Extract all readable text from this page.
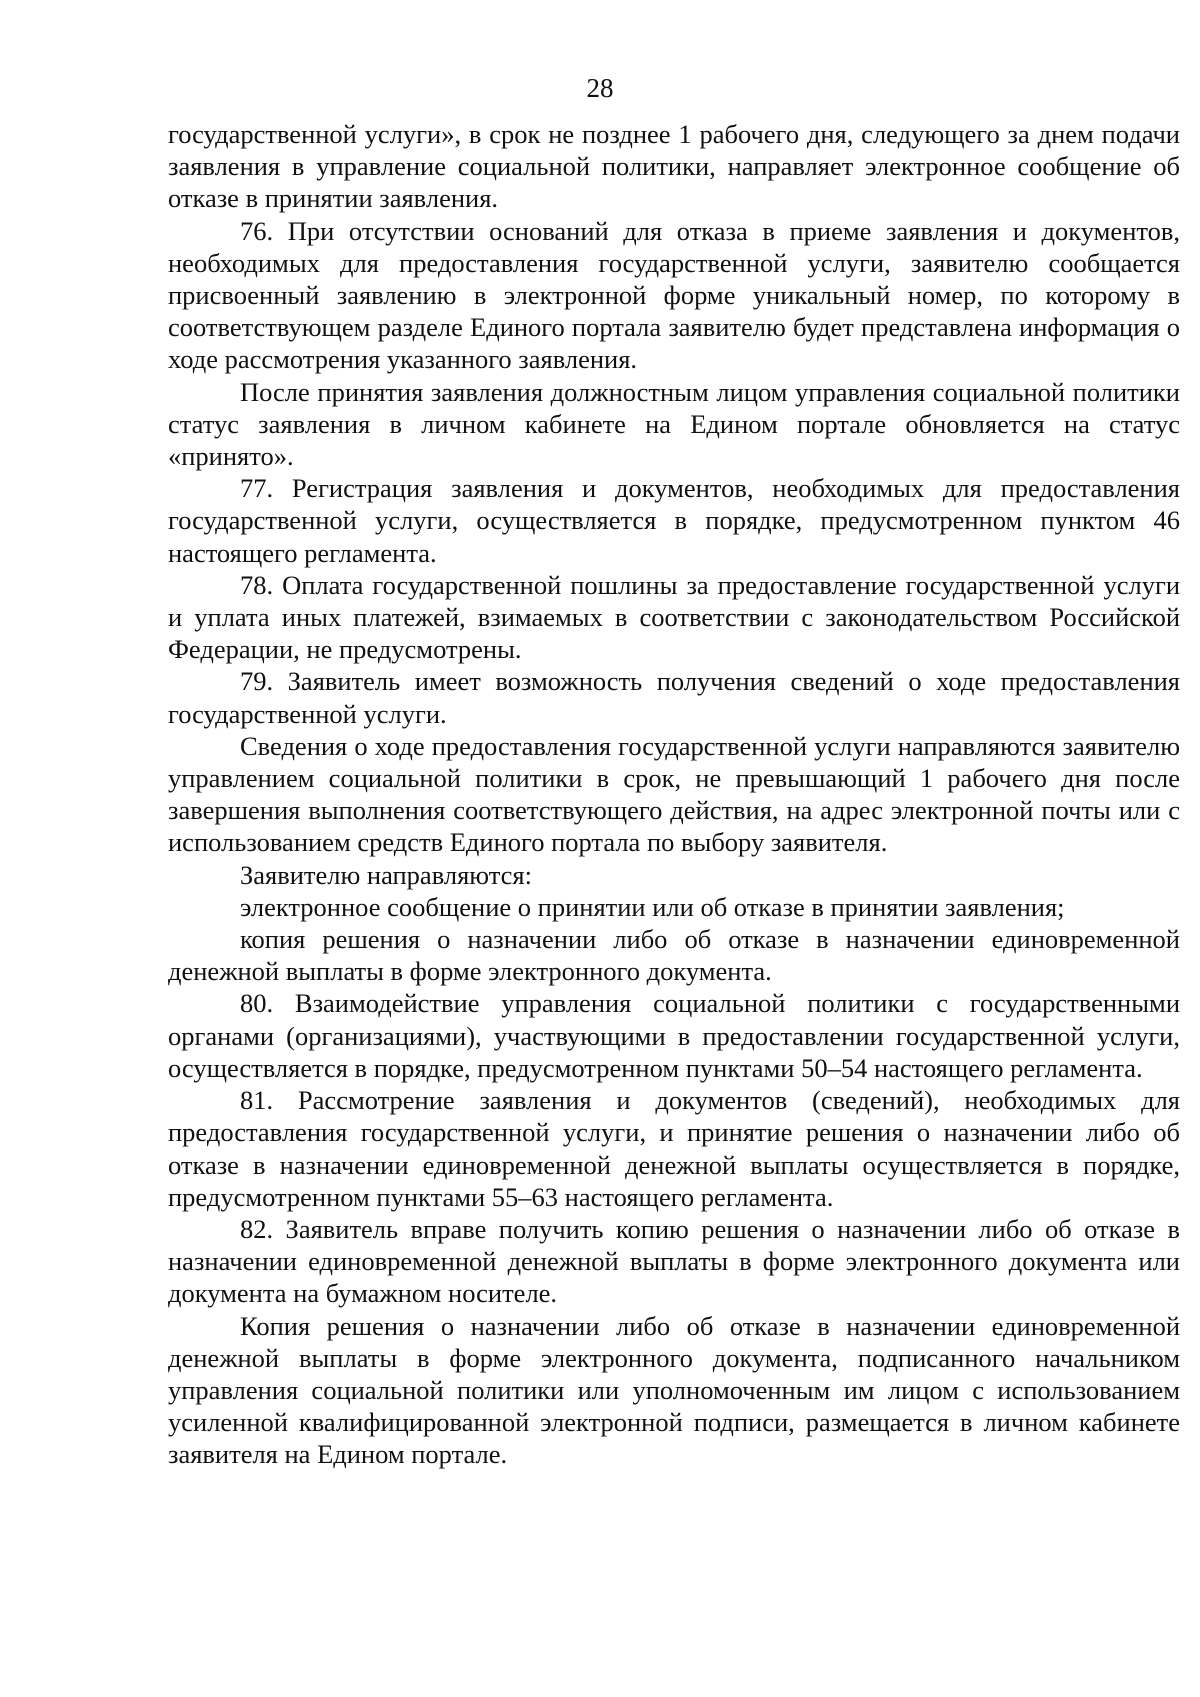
28

государственной услуги», в срок не позднее 1 рабочего дня, следующего за днем подачи заявления в управление социальной политики, направляет электронное сообщение об отказе в принятии заявления.

76. При отсутствии оснований для отказа в приеме заявления и документов, необходимых для предоставления государственной услуги, заявителю сообщается присвоенный заявлению в электронной форме уникальный номер, по которому в соответствующем разделе Единого портала заявителю будет представлена информация о ходе рассмотрения указанного заявления.

После принятия заявления должностным лицом управления социальной политики статус заявления в личном кабинете на Едином портале обновляется на статус «принято».

77. Регистрация заявления и документов, необходимых для предоставления государственной услуги, осуществляется в порядке, предусмотренном пунктом 46 настоящего регламента.

78. Оплата государственной пошлины за предоставление государственной услуги и уплата иных платежей, взимаемых в соответствии с законодательством Российской Федерации, не предусмотрены.

79. Заявитель имеет возможность получения сведений о ходе предоставления государственной услуги.

Сведения о ходе предоставления государственной услуги направляются заявителю управлением социальной политики в срок, не превышающий 1 рабочего дня после завершения выполнения соответствующего действия, на адрес электронной почты или с использованием средств Единого портала по выбору заявителя.

Заявителю направляются:

электронное сообщение о принятии или об отказе в принятии заявления;

копия решения о назначении либо об отказе в назначении единовременной денежной выплаты в форме электронного документа.

80. Взаимодействие управления социальной политики с государственными органами (организациями), участвующими в предоставлении государственной услуги, осуществляется в порядке, предусмотренном пунктами 50–54 настоящего регламента.

81. Рассмотрение заявления и документов (сведений), необходимых для предоставления государственной услуги, и принятие решения о назначении либо об отказе в назначении единовременной денежной выплаты осуществляется в порядке, предусмотренном пунктами 55–63 настоящего регламента.

82. Заявитель вправе получить копию решения о назначении либо об отказе в назначении единовременной денежной выплаты в форме электронного документа или документа на бумажном носителе.

Копия решения о назначении либо об отказе в назначении единовременной денежной выплаты в форме электронного документа, подписанного начальником управления социальной политики или уполномоченным им лицом с использованием усиленной квалифицированной электронной подписи, размещается в личном кабинете заявителя на Едином портале.
